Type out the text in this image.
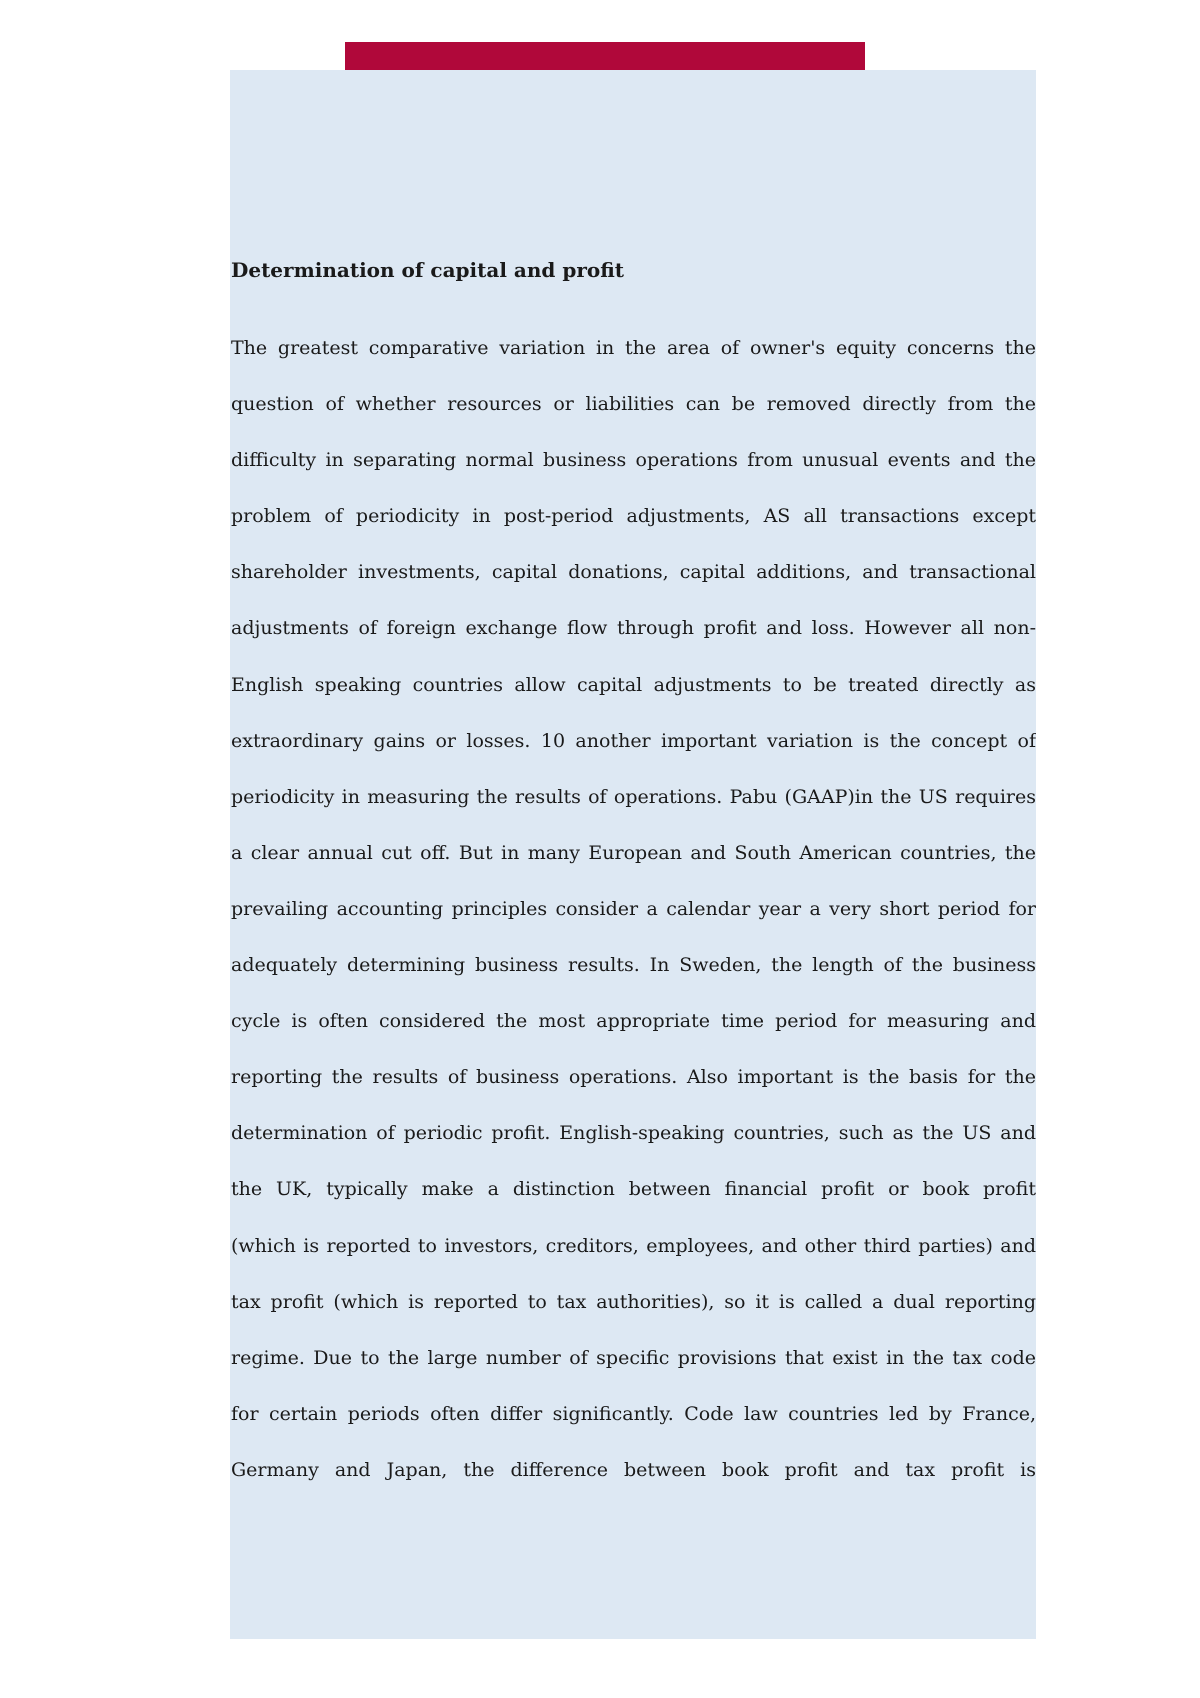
Determination of capital and profit
The greatest comparative variation in the area of owner's equity concerns the
question of whether resources or liabilities can be removed directly from the
difficulty in separating normal business operations from unusual events and the
problem of periodicity in post-period adjustments, AS all transactions except
shareholder investments, capital donations, capital additions, and transactional
adjustments of foreign exchange flow through profit and loss. However all non-
English speaking countries allow capital adjustments to be treated directly as
extraordinary gains or losses. 10 another important variation is the concept of
periodicity in measuring the results of operations. Pabu (GAAP)in the US requires
a clear annual cut off. But in many European and South American countries, the
prevailing accounting principles consider a calendar year a very short period for
adequately determining business results. In Sweden, the length of the business
cycle is often considered the most appropriate time period for measuring and
reporting the results of business operations. Also important is the basis for the
determination of periodic profit. English-speaking countries, such as the US and
the UK, typically make a distinction between financial profit or book profit
(which is reported to investors, creditors, employees, and other third parties) and
tax profit (which is reported to tax authorities), so it is called a dual reporting
regime. Due to the large number of specific provisions that exist in the tax code
for certain periods often differ significantly. Code law countries led by France,
Germany and Japan, the difference between book profit and tax profit is
